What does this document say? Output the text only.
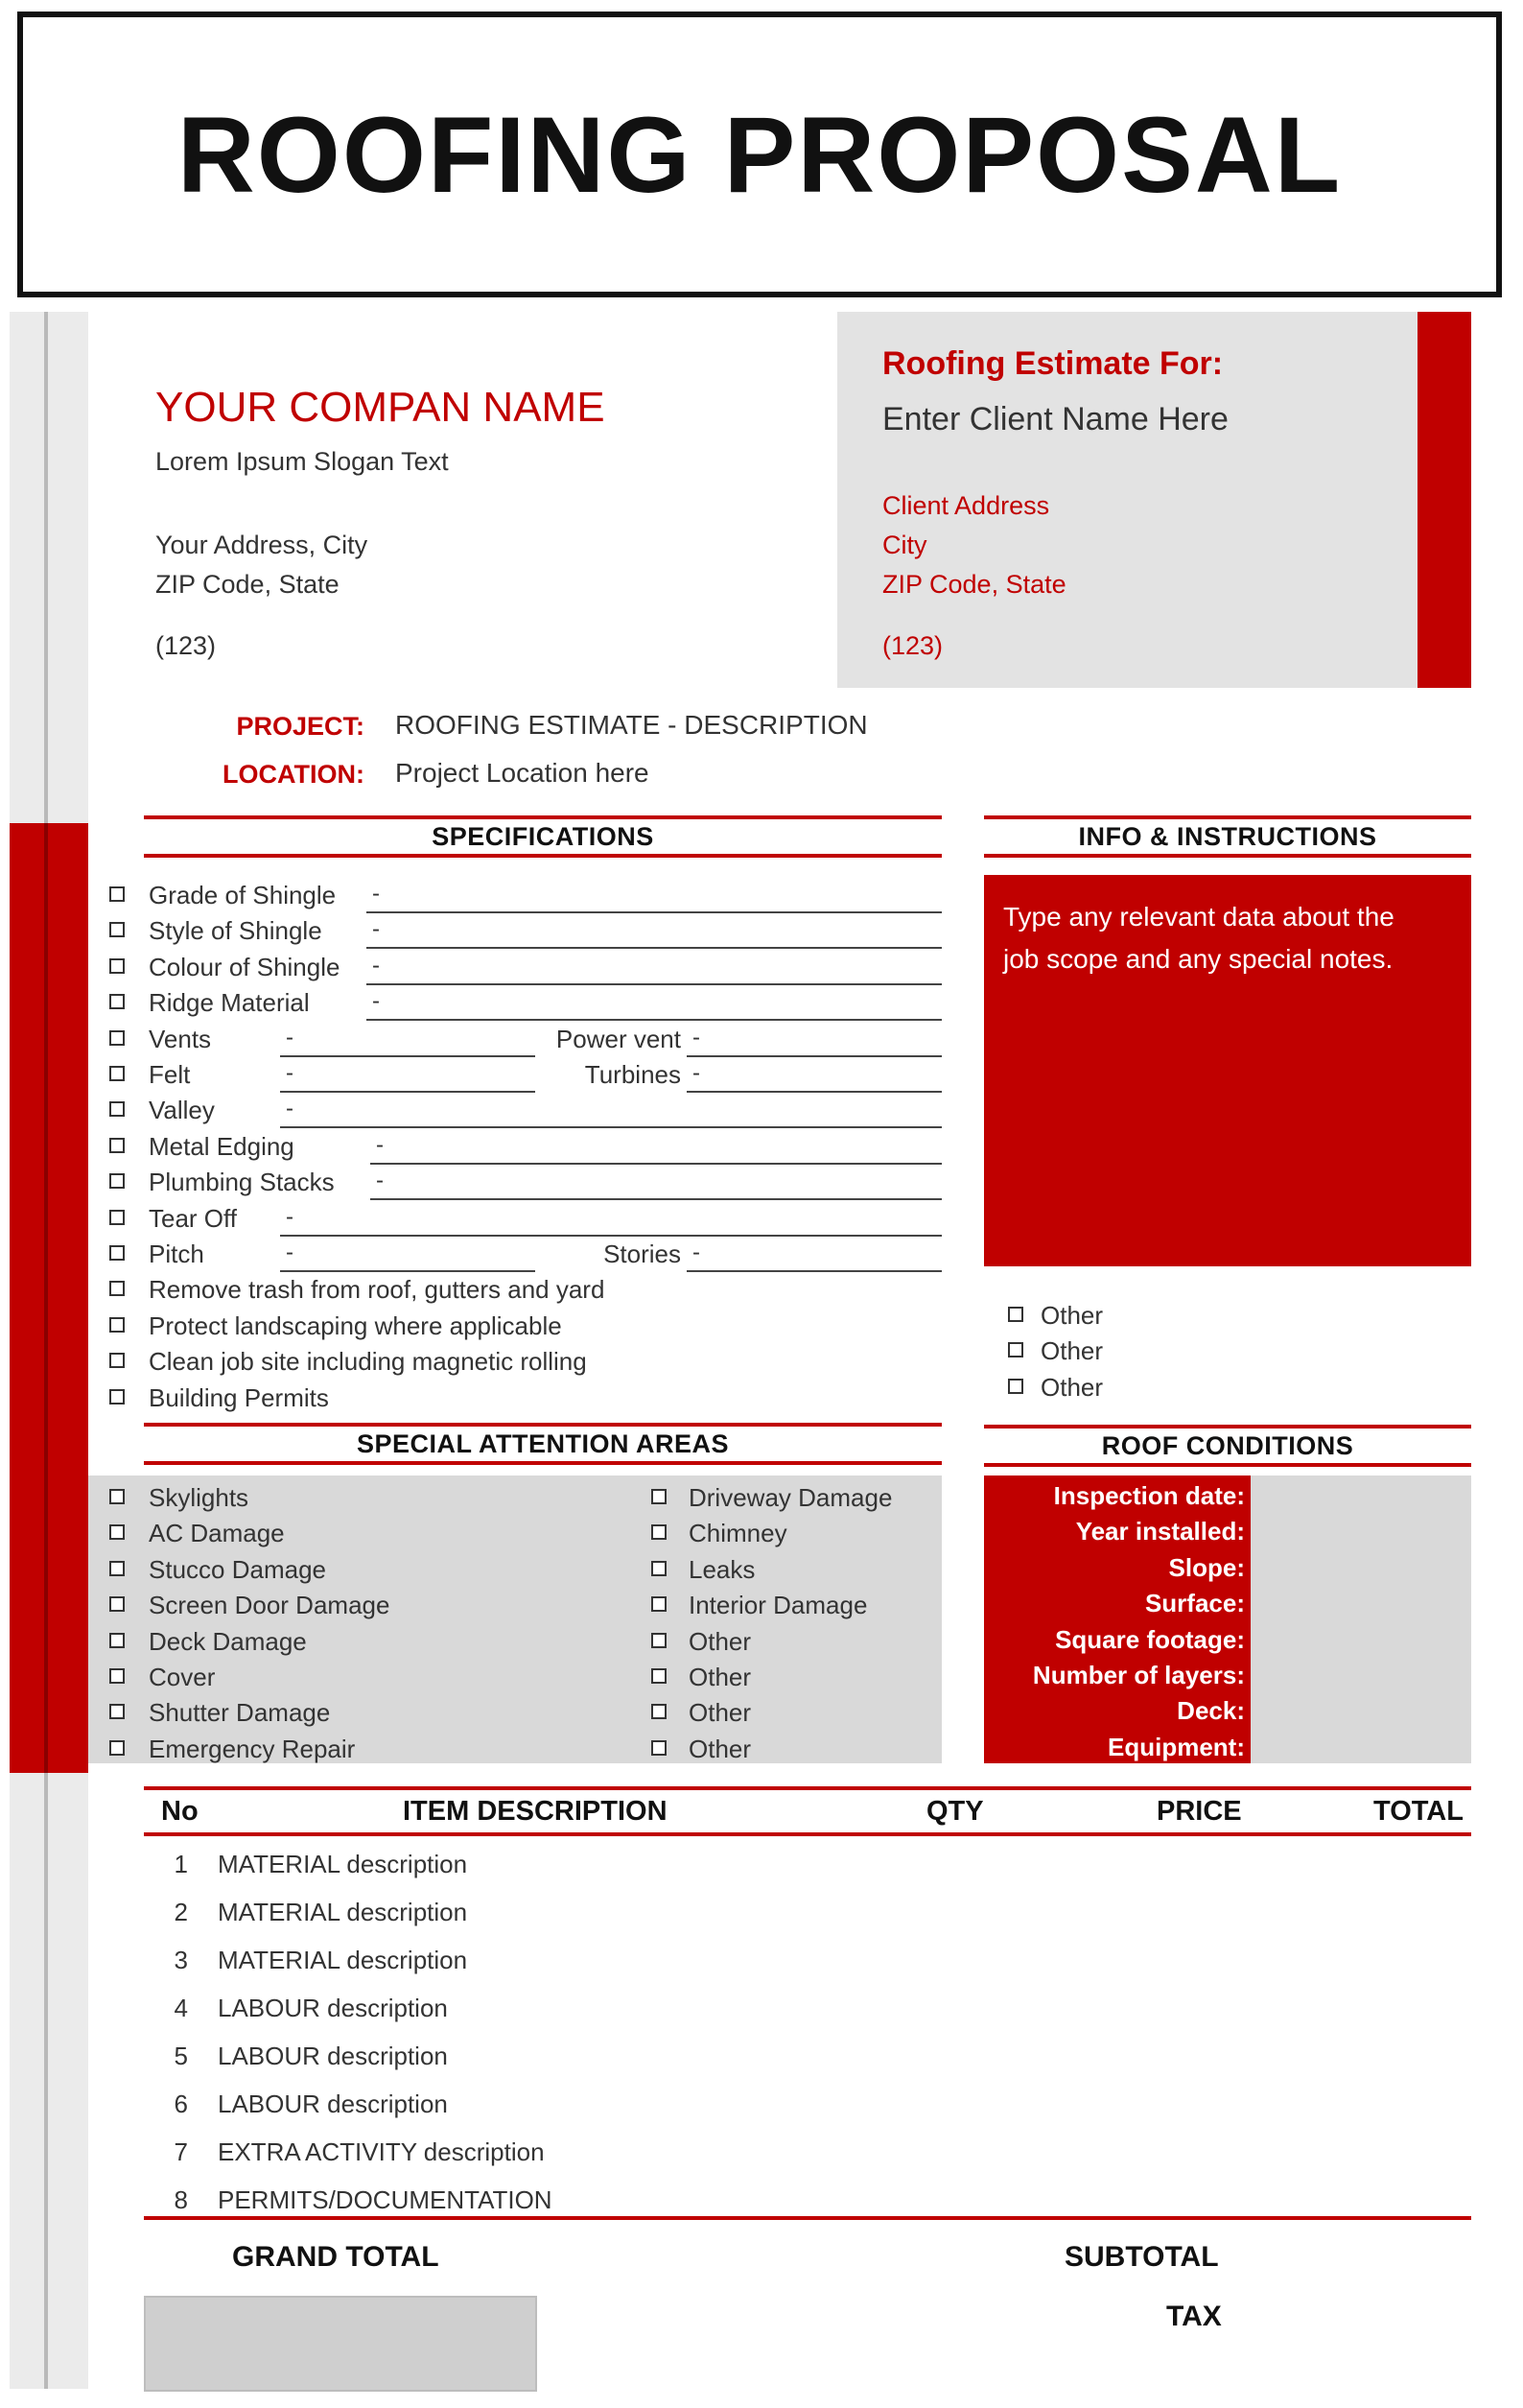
ROOFING PROPOSAL
YOUR COMPAN NAME
Lorem Ipsum Slogan Text
Your Address, City
ZIP Code, State
(123)
Roofing Estimate For:
Enter Client Name Here
Client Address
City
ZIP Code, State
(123)
PROJECT: ROOFING ESTIMATE - DESCRIPTION
LOCATION: Project Location here
SPECIFICATIONS
Grade of Shingle -
Style of Shingle -
Colour of Shingle -
Ridge Material	-
Vents	-	Power vent -
Felt	-	Turbines -
Valley	-
Metal Edging	-
Plumbing Stacks -
Tear Off -
Pitch	-	Stories -
Remove trash from roof, gutters and yard
Protect landscaping where applicable
Clean job site including magnetic rolling
Building Permits
INFO & INSTRUCTIONS

Type any relevant data about the

job scope and any special notes.

Other
Other
Other
SPECIAL ATTENTION AREAS
Skylights
AC Damage
Stucco Damage
Screen Door Damage
Deck Damage
Cover
Shutter Damage
Emergency Repair
Driveway Damage
Chimney
Leaks
Interior Damage
Other
Other
Other
Other
ROOF CONDITIONS
Inspection date:
Year installed:
Slope:
Surface:
Square footage:
Number of layers:
Deck:
Equipment:
No	ITEM DESCRIPTION	QTY	PRICE	TOTAL
1 MATERIAL description
2 MATERIAL description
3 MATERIAL description
4 LABOUR description
5 LABOUR description
6 LABOUR description
7 EXTRA ACTIVITY description
8 PERMITS/DOCUMENTATION
GRAND TOTAL	SUBTOTAL
TAX
